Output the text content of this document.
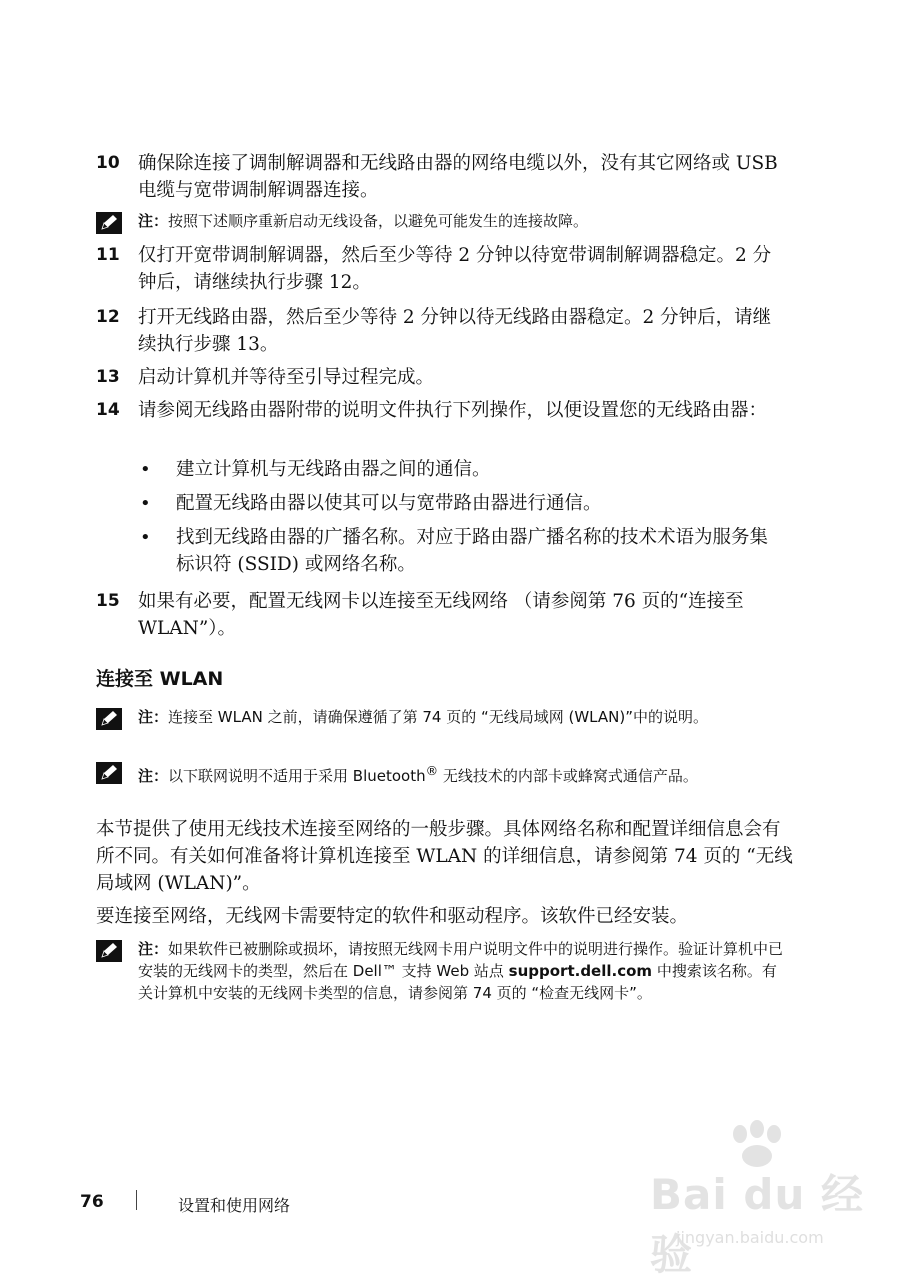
10 确保除连接了调制解调器和无线路由器的网络电缆以外，没有其它网络或 USB 电缆与宽带调制解调器连接。
注：按照下述顺序重新启动无线设备，以避免可能发生的连接故障。
11 仅打开宽带调制解调器，然后至少等待 2 分钟以待宽带调制解调器稳定。2 分钟后，请继续执行步骤 12。
12 打开无线路由器，然后至少等待 2 分钟以待无线路由器稳定。2 分钟后，请继续执行步骤 13。
13 启动计算机并等待至引导过程完成。
14 请参阅无线路由器附带的说明文件执行下列操作，以便设置您的无线路由器：
• 建立计算机与无线路由器之间的通信。
• 配置无线路由器以使其可以与宽带路由器进行通信。
• 找到无线路由器的广播名称。对应于路由器广播名称的技术术语为服务集标识符 (SSID) 或网络名称。
15 如果有必要，配置无线网卡以连接至无线网络 （请参阅第 76 页的“连接至 WLAN”）。
连接至 WLAN
注：连接至 WLAN 之前，请确保遵循了第 74 页的 “无线局域网 (WLAN)”中的说明。
注：以下联网说明不适用于采用 Bluetooth® 无线技术的内部卡或蜂窝式通信产品。
本节提供了使用无线技术连接至网络的一般步骤。具体网络名称和配置详细信息会有所不同。有关如何准备将计算机连接至 WLAN 的详细信息，请参阅第 74 页的 “无线局域网 (WLAN)”。
要连接至网络，无线网卡需要特定的软件和驱动程序。该软件已经安装。
注：如果软件已被删除或损坏，请按照无线网卡用户说明文件中的说明进行操作。验证计算机中已安装的无线网卡的类型，然后在 Dell™ 支持 Web 站点 support.dell.com 中搜索该名称。有关计算机中安装的无线网卡类型的信息，请参阅第 74 页的 “检查无线网卡”。
76	设置和使用网络	Bai du 经验
jingyan.baidu.com
